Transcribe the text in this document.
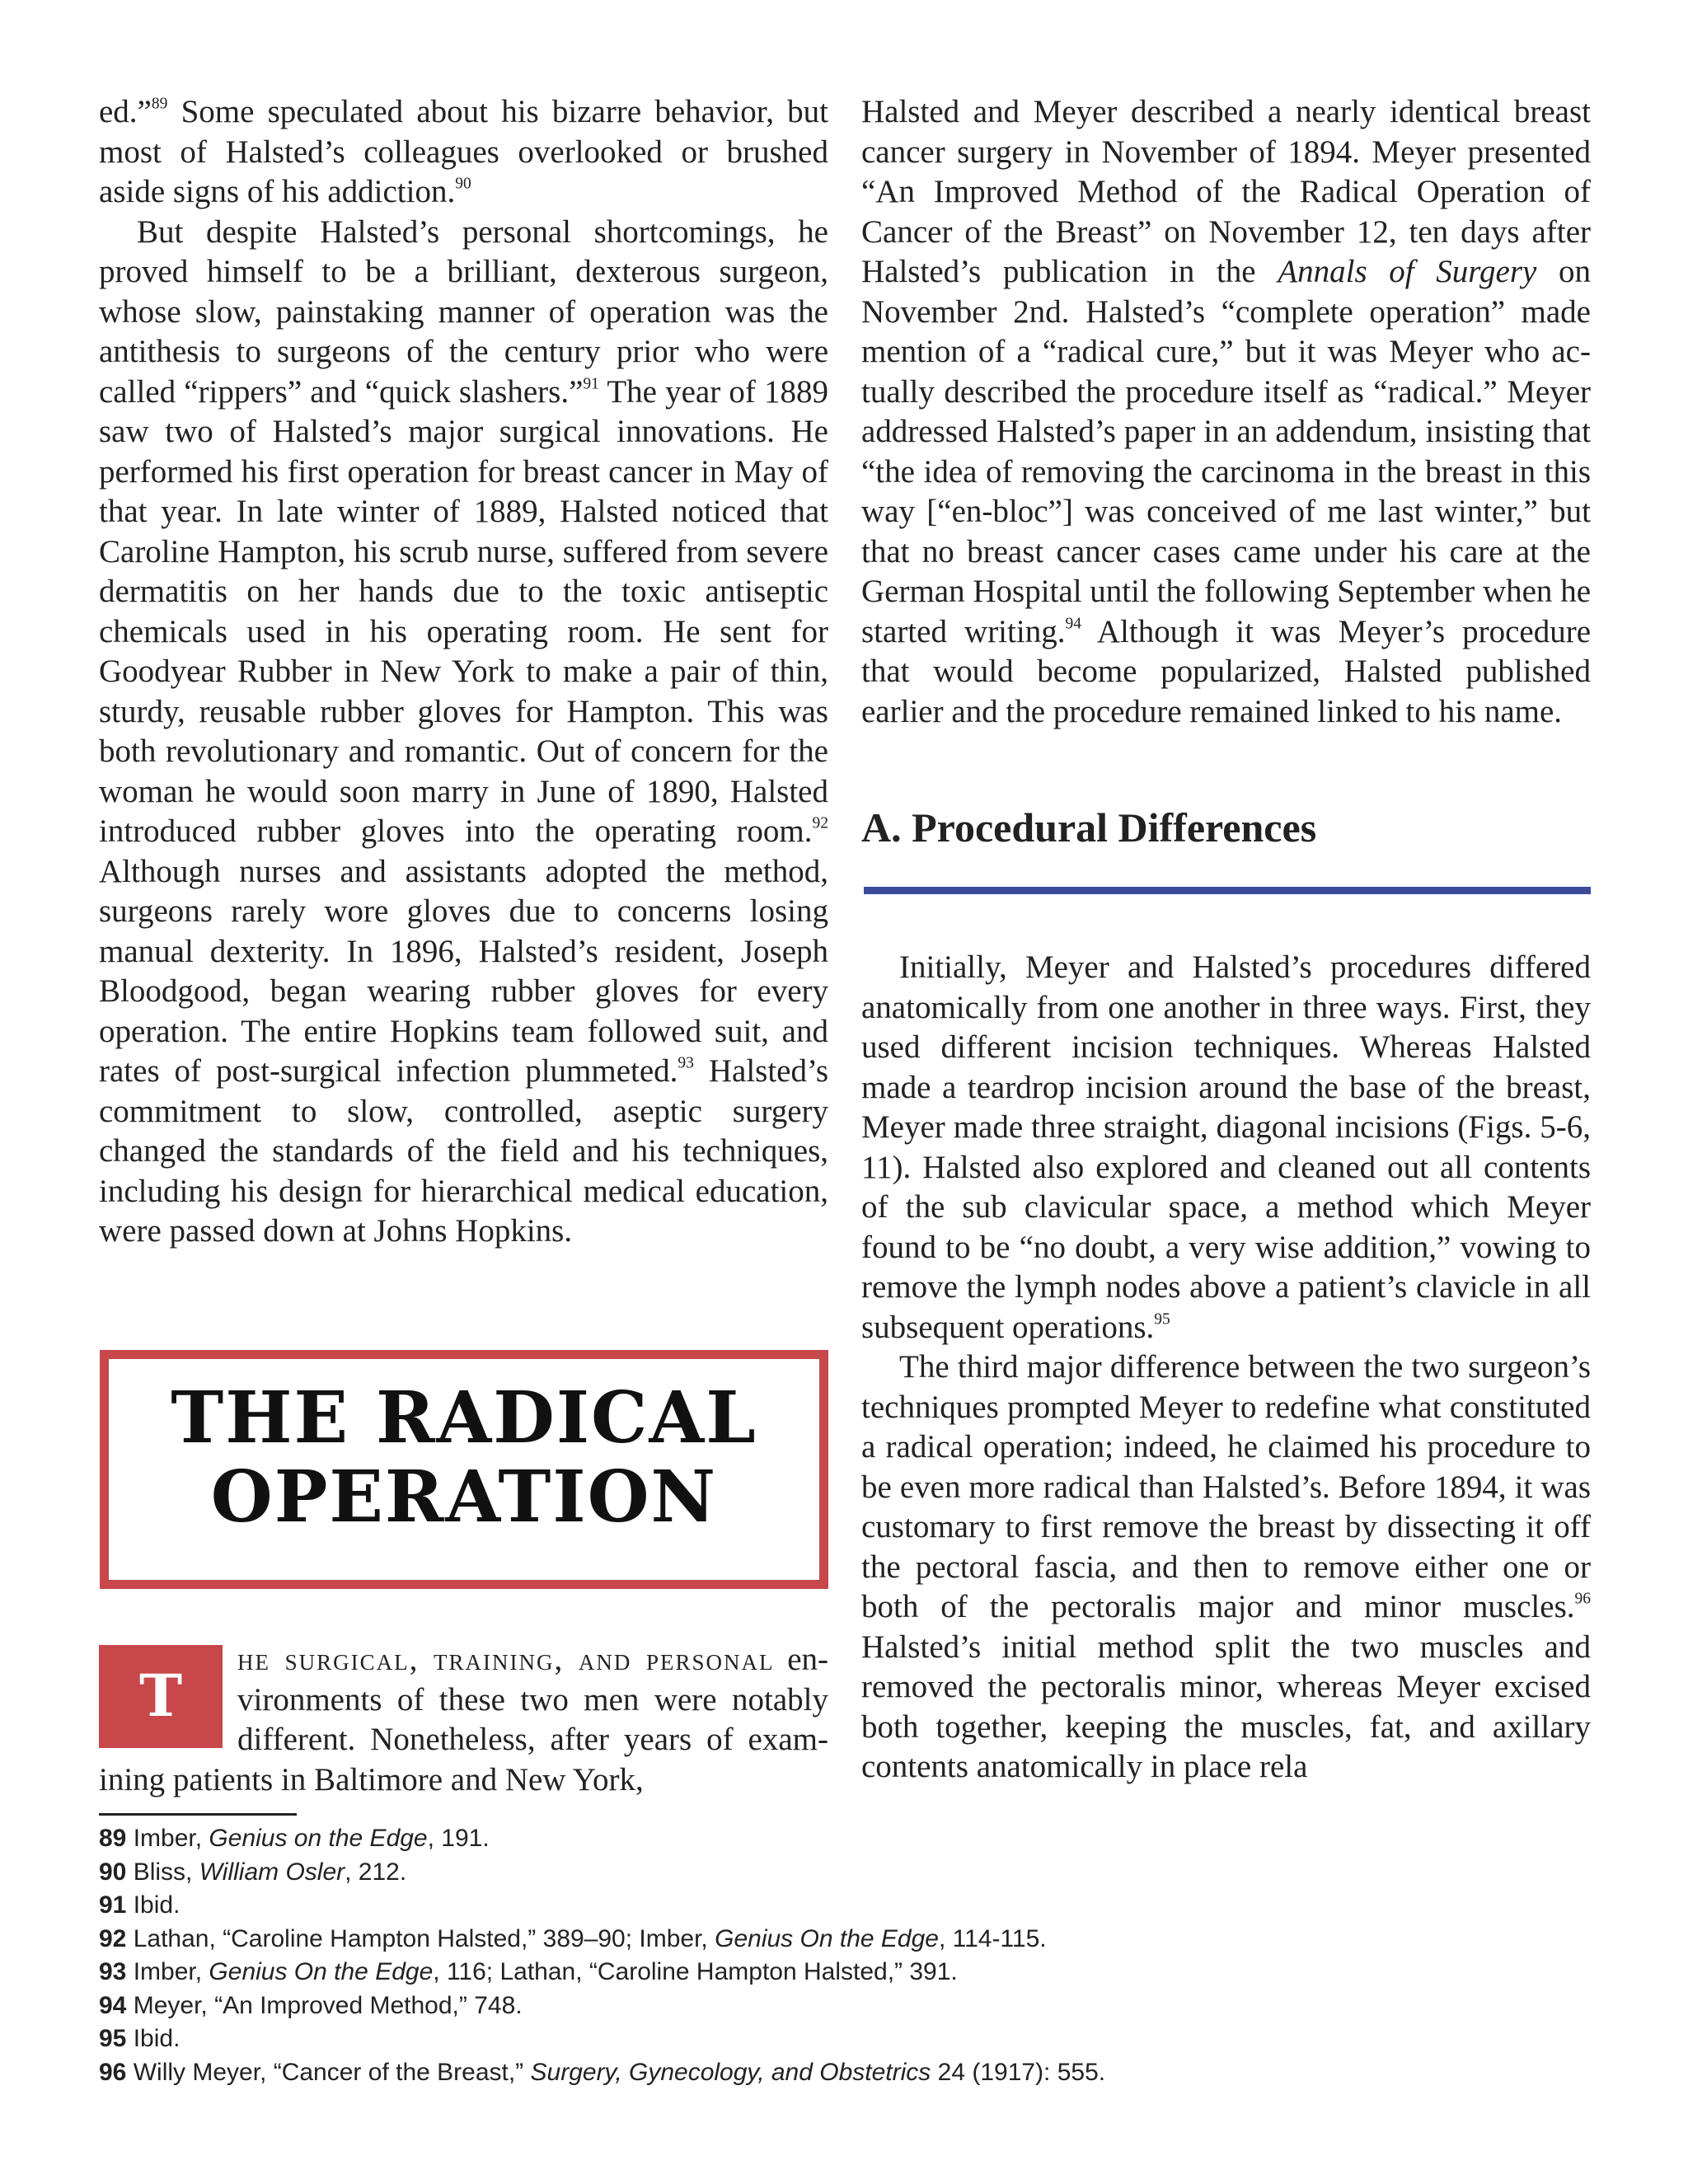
ed.”$^{89}$ Some speculated about his bizarre behavior, but most of Halsted’s colleagues overlooked or brushed aside signs of his addiction.$^{90}$

But despite Halsted’s personal shortcomings, he proved himself to be a brilliant, dexterous surgeon, whose slow, painstaking manner of operation was the antithesis to surgeons of the century prior who were called “rippers” and “quick slashers.”$^{91}$ The year of 1889 saw two of Halsted’s major surgical innovations. He performed his first operation for breast cancer in May of that year. In late winter of 1889, Halsted noticed that Caroline Hampton, his scrub nurse, suffered from severe dermatitis on her hands due to the toxic antiseptic chemicals used in his operating room. He sent for Goodyear Rubber in New York to make a pair of thin, sturdy, reusable rubber gloves for Hampton. This was both revolutionary and romantic. Out of concern for the woman he would soon marry in June of 1890, Halsted introduced rubber gloves into the operating room.$^{92}$ Although nurses and assistants adopted the method, surgeons rarely wore gloves due to concerns losing manual dexterity. In 1896, Halsted’s resident, Joseph Bloodgood, began wearing rubber gloves for every operation. The entire Hopkins team followed suit, and rates of post-surgical infection plummeted.$^{93}$ Halsted’s commitment to slow, controlled, aseptic surgery changed the standards of the field and his techniques, including his design for hierarchical medical education, were passed down at Johns Hopkins.

THE RADICAL
OPERATION
T
he surgical, training, and personal environments of these two men were notably different. Nonetheless, after years of examining patients in Baltimore and New York,

Halsted and Meyer described a nearly identical breast cancer surgery in November of 1894. Meyer presented “An Improved Method of the Radical Operation of Cancer of the Breast” on November 12, ten days after Halsted’s publication in the Annals of Surgery on November 2nd. Halsted’s “complete operation” made mention of a “radical cure,” but it was Meyer who actually described the procedure itself as “radical.” Meyer addressed Halsted’s paper in an addendum, insisting that “the idea of removing the carcinoma in the breast in this way [“en-bloc”] was conceived of me last winter,” but that no breast cancer cases came under his care at the German Hospital until the following September when he started writing.$^{94}$ Although it was Meyer’s procedure that would become popularized, Halsted published earlier and the procedure remained linked to his name.

A. Procedural Differences

Initially, Meyer and Halsted’s procedures differed anatomically from one another in three ways. First, they used different incision techniques. Whereas Halsted made a teardrop incision around the base of the breast, Meyer made three straight, diagonal incisions (Figs. 5-6, 11). Halsted also explored and cleaned out all contents of the sub clavicular space, a method which Meyer found to be “no doubt, a very wise addition,” vowing to remove the lymph nodes above a patient’s clavicle in all subsequent operations.$^{95}$

The third major difference between the two surgeon’s techniques prompted Meyer to redefine what constituted a radical operation; indeed, he claimed his procedure to be even more radical than Halsted’s. Before 1894, it was customary to first remove the breast by dissecting it off the pectoral fascia, and then to remove either one or both of the pectoralis major and minor muscles.$^{96}$ Halsted’s initial method split the two muscles and removed the pectoralis minor, whereas Meyer excised both together, keeping the muscles, fat, and axillary contents anatomically in place rela

89 Imber, Genius on the Edge, 191.
90 Bliss, William Osler, 212.
91 Ibid.
92 Lathan, “Caroline Hampton Halsted,” 389–90; Imber, Genius On the Edge, 114-115.
93 Imber, Genius On the Edge, 116; Lathan, “Caroline Hampton Halsted,” 391.
94 Meyer, “An Improved Method,” 748.
95 Ibid.
96 Willy Meyer, “Cancer of the Breast,” Surgery, Gynecology, and Obstetrics 24 (1917): 555.
